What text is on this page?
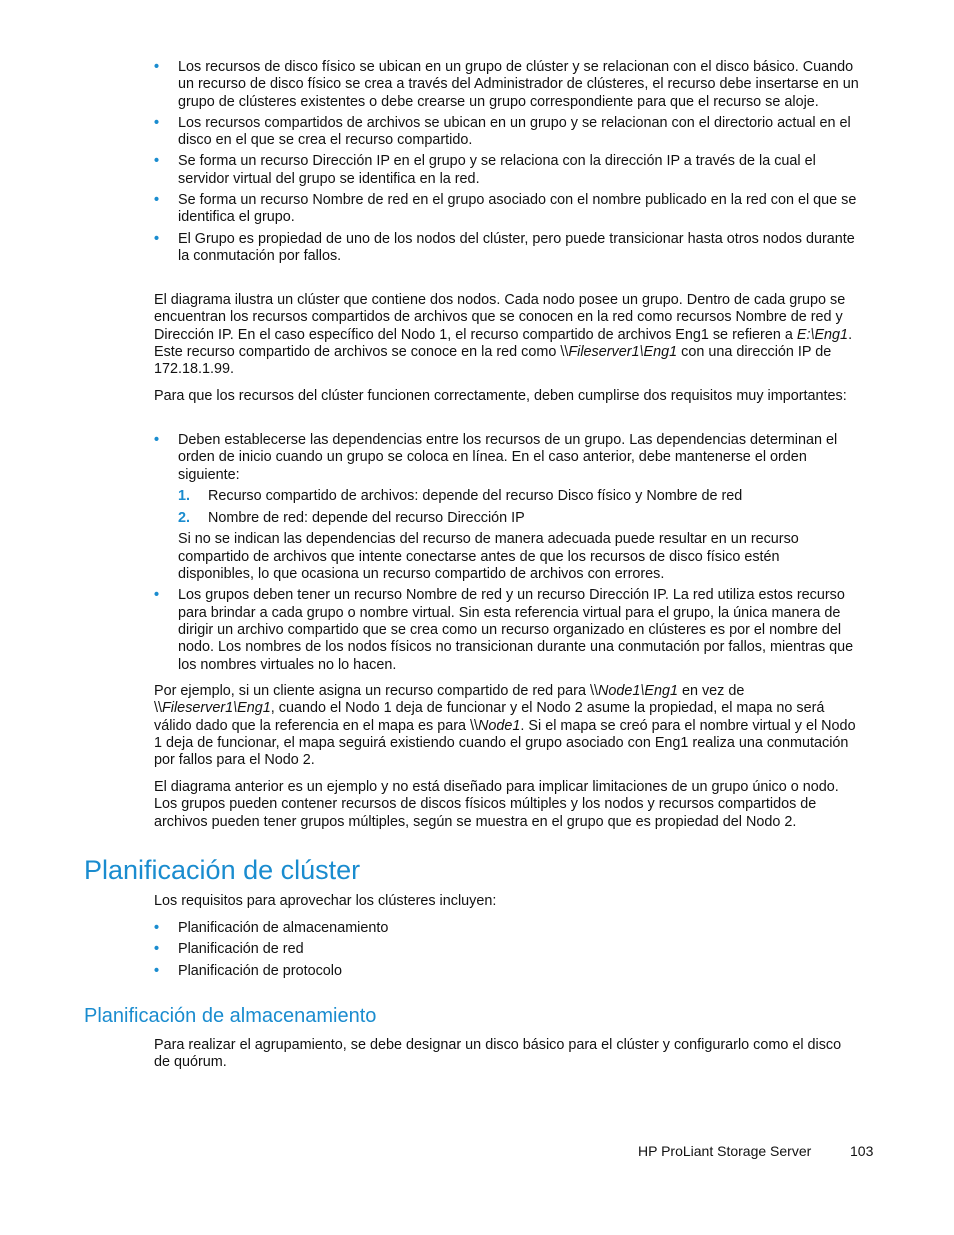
• Los recursos de disco físico se ubican en un grupo de clúster y se relacionan con el disco básico. Cuando un recurso de disco físico se crea a través del Administrador de clústeres, el recurso debe insertarse en un grupo de clústeres existentes o debe crearse un grupo correspondiente para que el recurso se aloje.
• Los recursos compartidos de archivos se ubican en un grupo y se relacionan con el directorio actual en el disco en el que se crea el recurso compartido.
• Se forma un recurso Dirección IP en el grupo y se relaciona con la dirección IP a través de la cual el servidor virtual del grupo se identifica en la red.
• Se forma un recurso Nombre de red en el grupo asociado con el nombre publicado en la red con el que se identifica el grupo.
• El Grupo es propiedad de uno de los nodos del clúster, pero puede transicionar hasta otros nodos durante la conmutación por fallos.

El diagrama ilustra un clúster que contiene dos nodos. Cada nodo posee un grupo. Dentro de cada grupo se encuentran los recursos compartidos de archivos que se conocen en la red como recursos Nombre de red y Dirección IP. En el caso específico del Nodo 1, el recurso compartido de archivos Eng1 se refieren a E:\Eng1. Este recurso compartido de archivos se conoce en la red como \\Fileserver1\Eng1 con una dirección IP de 172.18.1.99.

Para que los recursos del clúster funcionen correctamente, deben cumplirse dos requisitos muy importantes:

• Deben establecerse las dependencias entre los recursos de un grupo. Las dependencias determinan el orden de inicio cuando un grupo se coloca en línea. En el caso anterior, debe mantenerse el orden siguiente:
1. Recurso compartido de archivos: depende del recurso Disco físico y Nombre de red
2. Nombre de red: depende del recurso Dirección IP
Si no se indican las dependencias del recurso de manera adecuada puede resultar en un recurso compartido de archivos que intente conectarse antes de que los recursos de disco físico estén disponibles, lo que ocasiona un recurso compartido de archivos con errores.
• Los grupos deben tener un recurso Nombre de red y un recurso Dirección IP. La red utiliza estos recurso para brindar a cada grupo o nombre virtual. Sin esta referencia virtual para el grupo, la única manera de dirigir un archivo compartido que se crea como un recurso organizado en clústeres es por el nombre del nodo. Los nombres de los nodos físicos no transicionan durante una conmutación por fallos, mientras que los nombres virtuales no lo hacen.

Por ejemplo, si un cliente asigna un recurso compartido de red para \\Node1\Eng1 en vez de \\Fileserver1\Eng1, cuando el Nodo 1 deja de funcionar y el Nodo 2 asume la propiedad, el mapa no será válido dado que la referencia en el mapa es para \\Node1. Si el mapa se creó para el nombre virtual y el Nodo 1 deja de funcionar, el mapa seguirá existiendo cuando el grupo asociado con Eng1 realiza una conmutación por fallos para el Nodo 2.

El diagrama anterior es un ejemplo y no está diseñado para implicar limitaciones de un grupo único o nodo. Los grupos pueden contener recursos de discos físicos múltiples y los nodos y recursos compartidos de archivos pueden tener grupos múltiples, según se muestra en el grupo que es propiedad del Nodo 2.

Planificación de clúster

Los requisitos para aprovechar los clústeres incluyen:

• Planificación de almacenamiento
• Planificación de red
• Planificación de protocolo
Planificación de almacenamiento

Para realizar el agrupamiento, se debe designar un disco básico para el clúster y configurarlo como el disco de quórum.

HP ProLiant Storage Server	103
